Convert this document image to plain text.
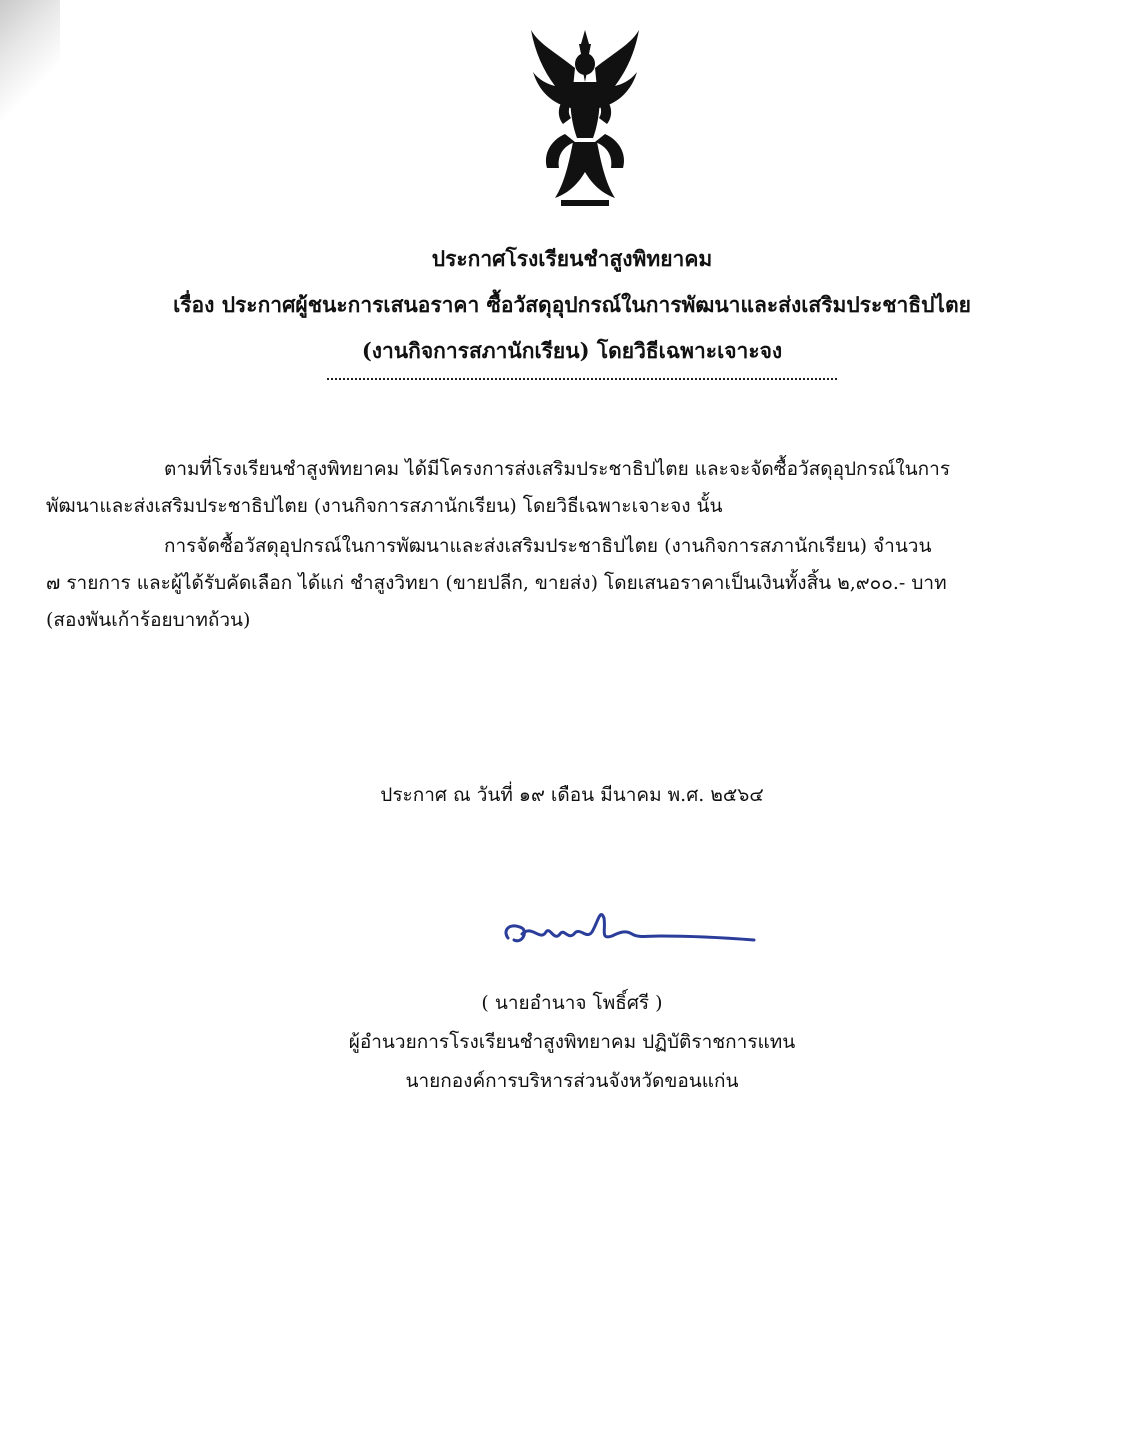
ประกาศโรงเรียนชำสูงพิทยาคม
เรื่อง ประกาศผู้ชนะการเสนอราคา ซื้อวัสดุอุปกรณ์ในการพัฒนาและส่งเสริมประชาธิปไตย
(งานกิจการสภานักเรียน) โดยวิธีเฉพาะเจาะจง
ตามที่โรงเรียนชำสูงพิทยาคม ได้มีโครงการส่งเสริมประชาธิปไตย และจะจัดซื้อวัสดุอุปกรณ์ในการ
พัฒนาและส่งเสริมประชาธิปไตย (งานกิจการสภานักเรียน) โดยวิธีเฉพาะเจาะจง นั้น
การจัดซื้อวัสดุอุปกรณ์ในการพัฒนาและส่งเสริมประชาธิปไตย (งานกิจการสภานักเรียน) จำนวน
๗ รายการ และผู้ได้รับคัดเลือก ได้แก่ ชำสูงวิทยา (ขายปลีก, ขายส่ง) โดยเสนอราคาเป็นเงินทั้งสิ้น ๒,๙๐๐.- บาท
(สองพันเก้าร้อยบาทถ้วน)
ประกาศ ณ วันที่ ๑๙ เดือน มีนาคม พ.ศ. ๒๕๖๔
( นายอำนาจ โพธิ์ศรี )
ผู้อำนวยการโรงเรียนชำสูงพิทยาคม ปฏิบัติราชการแทน
นายกองค์การบริหารส่วนจังหวัดขอนแก่น
